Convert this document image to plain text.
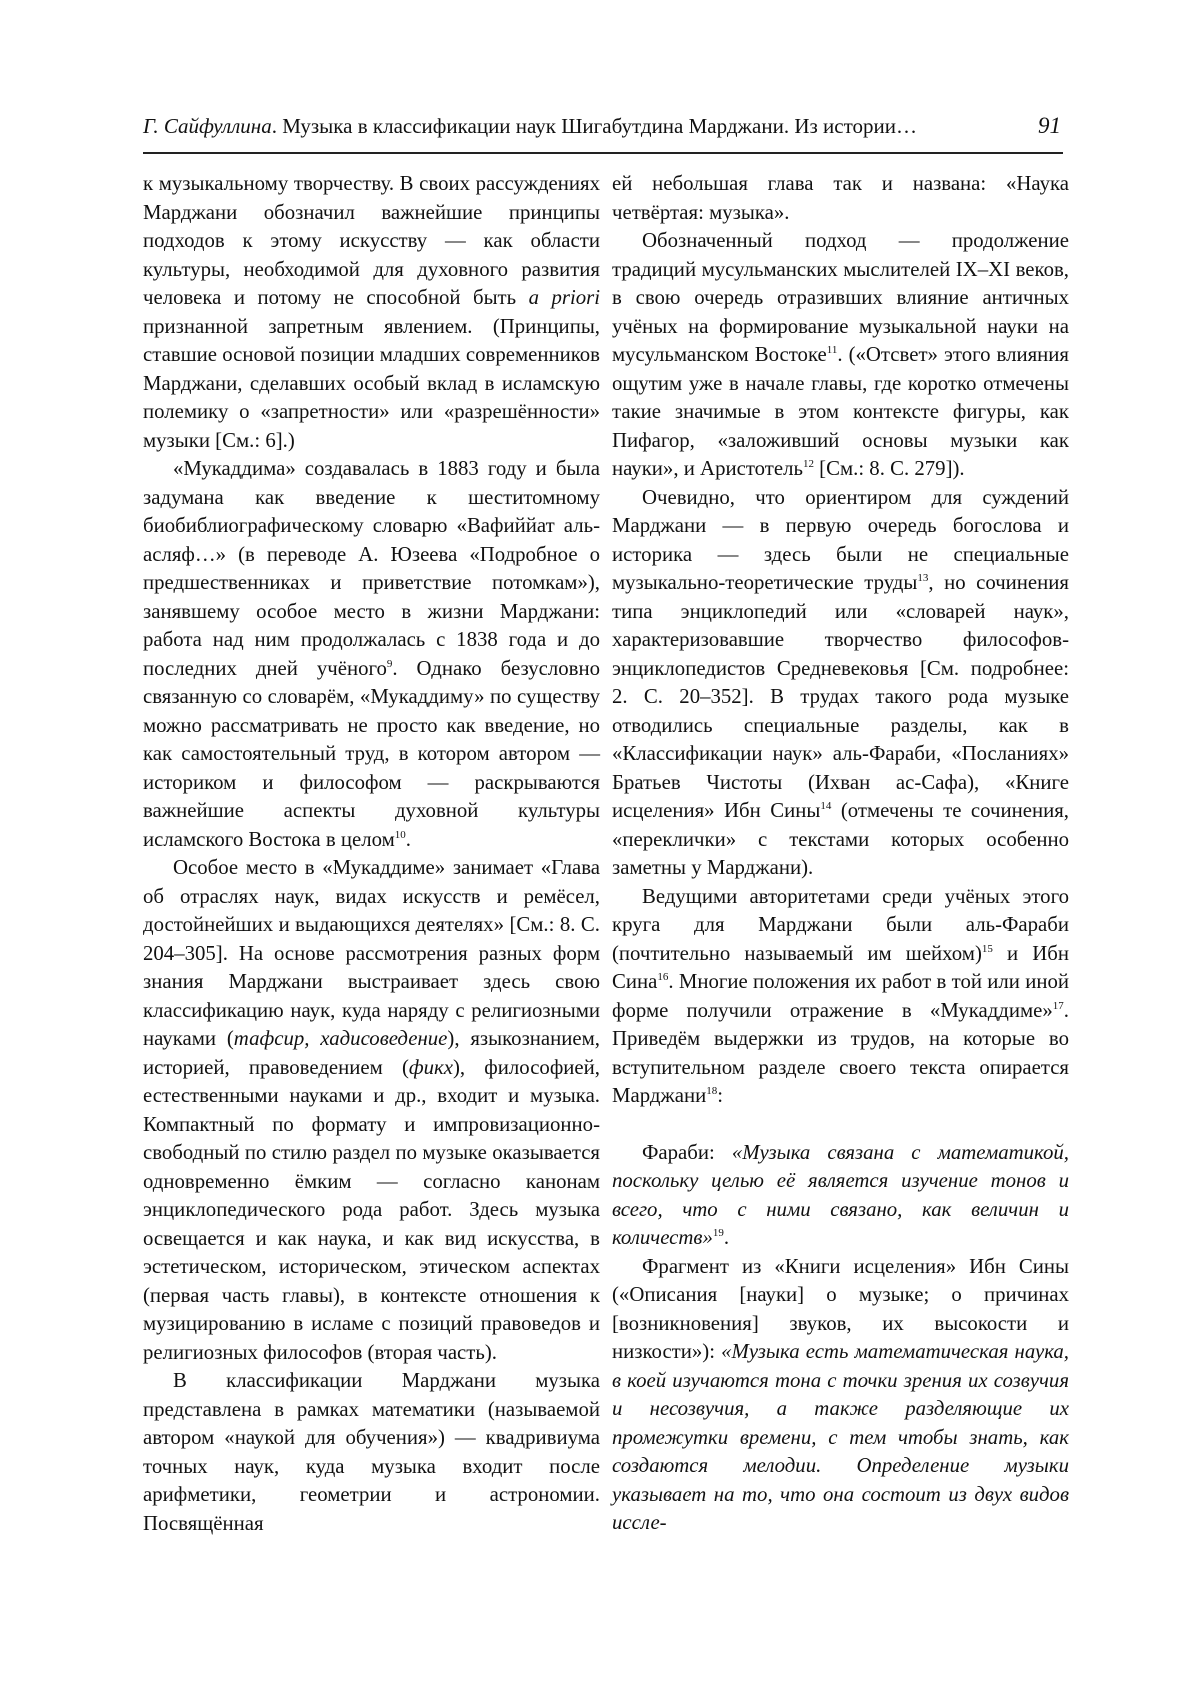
Г. Сайфуллина. Музыка в классификации наук Шигабутдина Марджани. Из истории…	91

к музыкальному творчеству. В своих рассуждениях Марджани обозначил важнейшие принципы подходов к этому искусству — как области культуры, необходимой для духовного развития человека и потому не способной быть a priori признанной запретным явлением. (Принципы, ставшие основой позиции младших современников Марджани, сделавших особый вклад в исламскую полемику о «запретности» или «разрешённости» музыки [См.: 6].)

«Мукаддима» создавалась в 1883 году и была задумана как введение к шеститомному биобиблиографическому словарю «Вафиййат аль-асляф…» (в переводе А. Юзеева «Подробное о предшественниках и приветствие потомкам»), занявшему особое место в жизни Марджани: работа над ним продолжалась с 1838 года и до последних дней учёного$^9$. Однако безусловно связанную со словарём, «Мукаддиму» по существу можно рассматривать не просто как введение, но как самостоятельный труд, в котором автором — историком и философом — раскрываются важнейшие аспекты духовной культуры исламского Востока в целом$^{10}$.

Особое место в «Мукаддиме» занимает «Глава об отраслях наук, видах искусств и ремёсел, достойнейших и выдающихся деятелях» [См.: 8. С. 204–305]. На основе рассмотрения разных форм знания Марджани выстраивает здесь свою классификацию наук, куда наряду с религиозными науками (тафсир, хадисоведение), языкознанием, историей, правоведением (фикх), философией, естественными науками и др., входит и музыка. Компактный по формату и импровизационно-свободный по стилю раздел по музыке оказывается одновременно ёмким — согласно канонам энциклопедического рода работ. Здесь музыка освещается и как наука, и как вид искусства, в эстетическом, историческом, этическом аспектах (первая часть главы), в контексте отношения к музицированию в исламе с позиций правоведов и религиозных философов (вторая часть).

В классификации Марджани музыка представлена в рамках математики (называемой автором «наукой для обучения») — квадривиума точных наук, куда музыка входит после арифметики, геометрии и астрономии. Посвящённая

ей небольшая глава так и названа: «Наука четвёртая: музыка».

Обозначенный подход — продолжение традиций мусульманских мыслителей IX–XI веков, в свою очередь отразивших влияние античных учёных на формирование музыкальной науки на мусульманском Востоке$^{11}$. («Отсвет» этого влияния ощутим уже в начале главы, где коротко отмечены такие значимые в этом контексте фигуры, как Пифагор, «заложивший основы музыки как науки», и Аристотель$^{12}$ [См.: 8. С. 279]).

Очевидно, что ориентиром для суждений Марджани — в первую очередь богослова и историка — здесь были не специальные музыкально-теоретические труды$^{13}$, но сочинения типа энциклопедий или «словарей наук», характеризовавшие творчество философов-энциклопедистов Средневековья [См. подробнее: 2. С. 20–352]. В трудах такого рода музыке отводились специальные разделы, как в «Классификации наук» аль-Фараби, «Посланиях» Братьев Чистоты (Ихван ас-Сафа), «Книге исцеления» Ибн Сины$^{14}$ (отмечены те сочинения, «переклички» с текстами которых особенно заметны у Марджани).

Ведущими авторитетами среди учёных этого круга для Марджани были аль-Фараби (почтительно называемый им шейхом)$^{15}$ и Ибн Сина$^{16}$. Многие положения их работ в той или иной форме получили отражение в «Мукаддиме»$^{17}$. Приведём выдержки из трудов, на которые во вступительном разделе своего текста опирается Марджани$^{18}$:

Фараби: «Музыка связана с математикой, поскольку целью её является изучение тонов и всего, что с ними связано, как величин и количеств»$^{19}$.

Фрагмент из «Книги исцеления» Ибн Сины («Описания [науки] о музыке; о причинах [возникновения] звуков, их высокости и низкости»): «Музыка есть математическая наука, в коей изучаются тона с точки зрения их созвучия и несозвучия, а также разделяющие их промежутки времени, с тем чтобы знать, как создаются мелодии. Определение музыки указывает на то, что она состоит из двух видов иссле-
